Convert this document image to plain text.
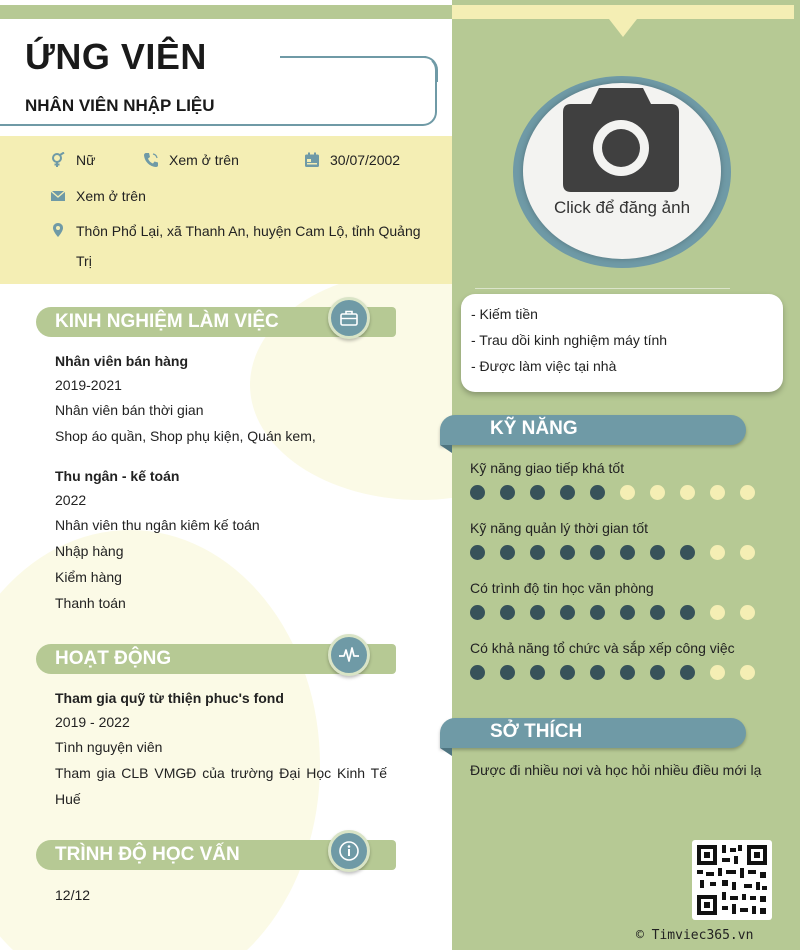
ỨNG VIÊN
NHÂN VIÊN NHẬP LIỆU
Nữ	Xem ở trên	30/07/2002
Xem ở trên
Thôn Phổ Lại, xã Thanh An, huyện Cam Lộ, tỉnh Quảng
Trị
Click để đăng ảnh
- Kiếm tiền
- Trau dồi kinh nghiệm máy tính
- Được làm việc tại nhà
KINH NGHIỆM LÀM VIỆC
Nhân viên bán hàng
2019-2021
Nhân viên bán thời gian
Shop áo quần, Shop phụ kiện, Quán kem,
Thu ngân - kế toán
2022
Nhân viên thu ngân kiêm kế toán
Nhập hàng
Kiểm hàng
Thanh toán
HOẠT ĐỘNG
Tham gia quỹ từ thiện phuc's fond
2019 - 2022
Tình nguyện viên
Tham gia CLB VMGĐ của trường Đại Học Kinh Tế
Huế
TRÌNH ĐỘ HỌC VẤN
12/12
KỸ NĂNG
Kỹ năng giao tiếp khá tốt
Kỹ năng quản lý thời gian tốt
Có trình độ tin học văn phòng
Có khả năng tổ chức và sắp xếp công việc
SỞ THÍCH
Được đi nhiều nơi và học hỏi nhiều điều mới lạ
© Timviec365.vn
